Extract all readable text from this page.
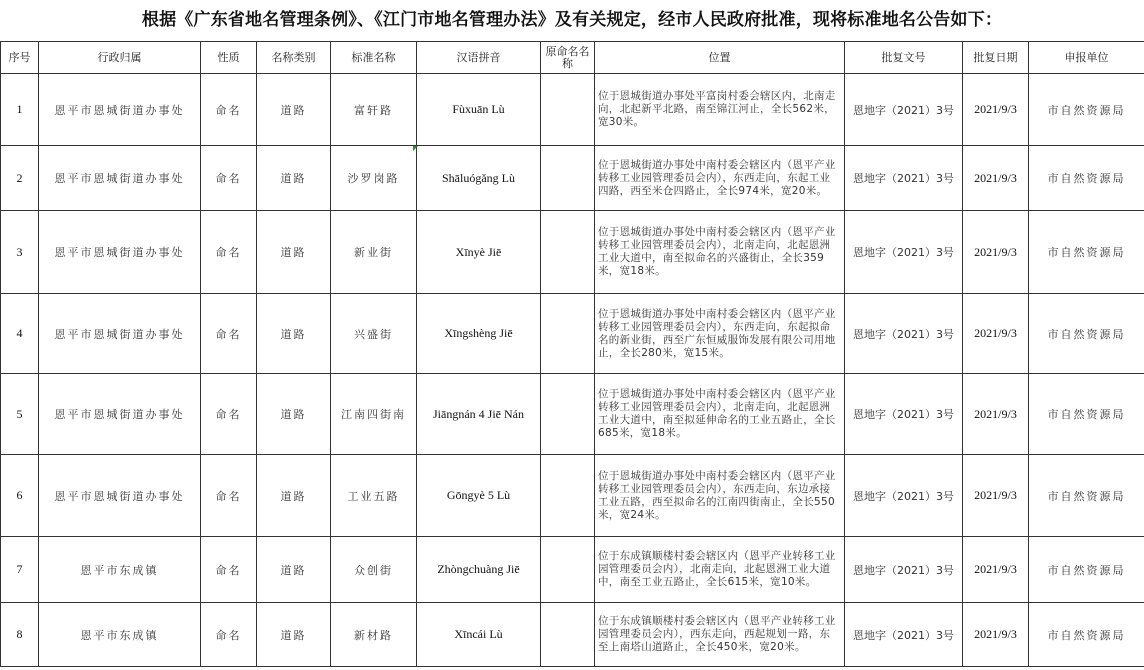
根据《广东省地名管理条例》、《江门市地名管理办法》及有关规定，经市人民政府批准，现将标准地名公告如下：
序号	行政归属	性质	名称类别	标准名称	汉语拼音	原命名名称	位置	批复文号	批复日期	申报单位
1	恩平市恩城街道办事处	命名	道路	富轩路	Fùxuān Lù		位于恩城街道办事处平富岗村委会辖区内，北南走向，北起新平北路，南至锦江河止，全长562米，宽30米。	恩地字（2021）3号	2021/9/3	市自然资源局
2	恩平市恩城街道办事处	命名	道路	沙罗岗路	Shāluógǎng Lù		位于恩城街道办事处中南村委会辖区内（恩平产业转移工业园管理委员会内），东西走向，东起工业四路，西至米仓四路止，全长974米，宽20米。	恩地字（2021）3号	2021/9/3	市自然资源局
3	恩平市恩城街道办事处	命名	道路	新业街	Xīnyè Jiē		位于恩城街道办事处中南村委会辖区内（恩平产业转移工业园管理委员会内），北南走向，北起恩洲工业大道中，南至拟命名的兴盛街止，全长359米，宽18米。	恩地字（2021）3号	2021/9/3	市自然资源局
4	恩平市恩城街道办事处	命名	道路	兴盛街	Xīngshèng Jiē		位于恩城街道办事处中南村委会辖区内（恩平产业转移工业园管理委员会内），东西走向，东起拟命名的新业街，西至广东恒威服饰发展有限公司用地止，全长280米，宽15米。	恩地字（2021）3号	2021/9/3	市自然资源局
5	恩平市恩城街道办事处	命名	道路	江南四街南	Jiāngnán 4 Jiē Nán		位于恩城街道办事处中南村委会辖区内（恩平产业转移工业园管理委员会内），北南走向，北起恩洲工业大道中，南至拟延伸命名的工业五路止，全长685米，宽18米。	恩地字（2021）3号	2021/9/3	市自然资源局
6	恩平市恩城街道办事处	命名	道路	工业五路	Gōngyè 5 Lù		位于恩城街道办事处中南村委会辖区内（恩平产业转移工业园管理委员会内），东西走向，东边承接工业五路，西至拟命名的江南四街南止，全长550米，宽24米。	恩地字（2021）3号	2021/9/3	市自然资源局
7	恩平市东成镇	命名	道路	众创街	Zhòngchuàng Jiē		位于东成镇顺楼村委会辖区内（恩平产业转移工业园管理委员会内），北南走向，北起恩洲工业大道中，南至工业五路止，全长615米，宽10米。	恩地字（2021）3号	2021/9/3	市自然资源局
8	恩平市东成镇	命名	道路	新材路	Xīncái Lù		位于东成镇顺楼村委会辖区内（恩平产业转移工业园管理委员会内），西东走向，西起规划一路，东至上南塔山道路止，全长450米，宽20米。	恩地字（2021）3号	2021/9/3	市自然资源局
